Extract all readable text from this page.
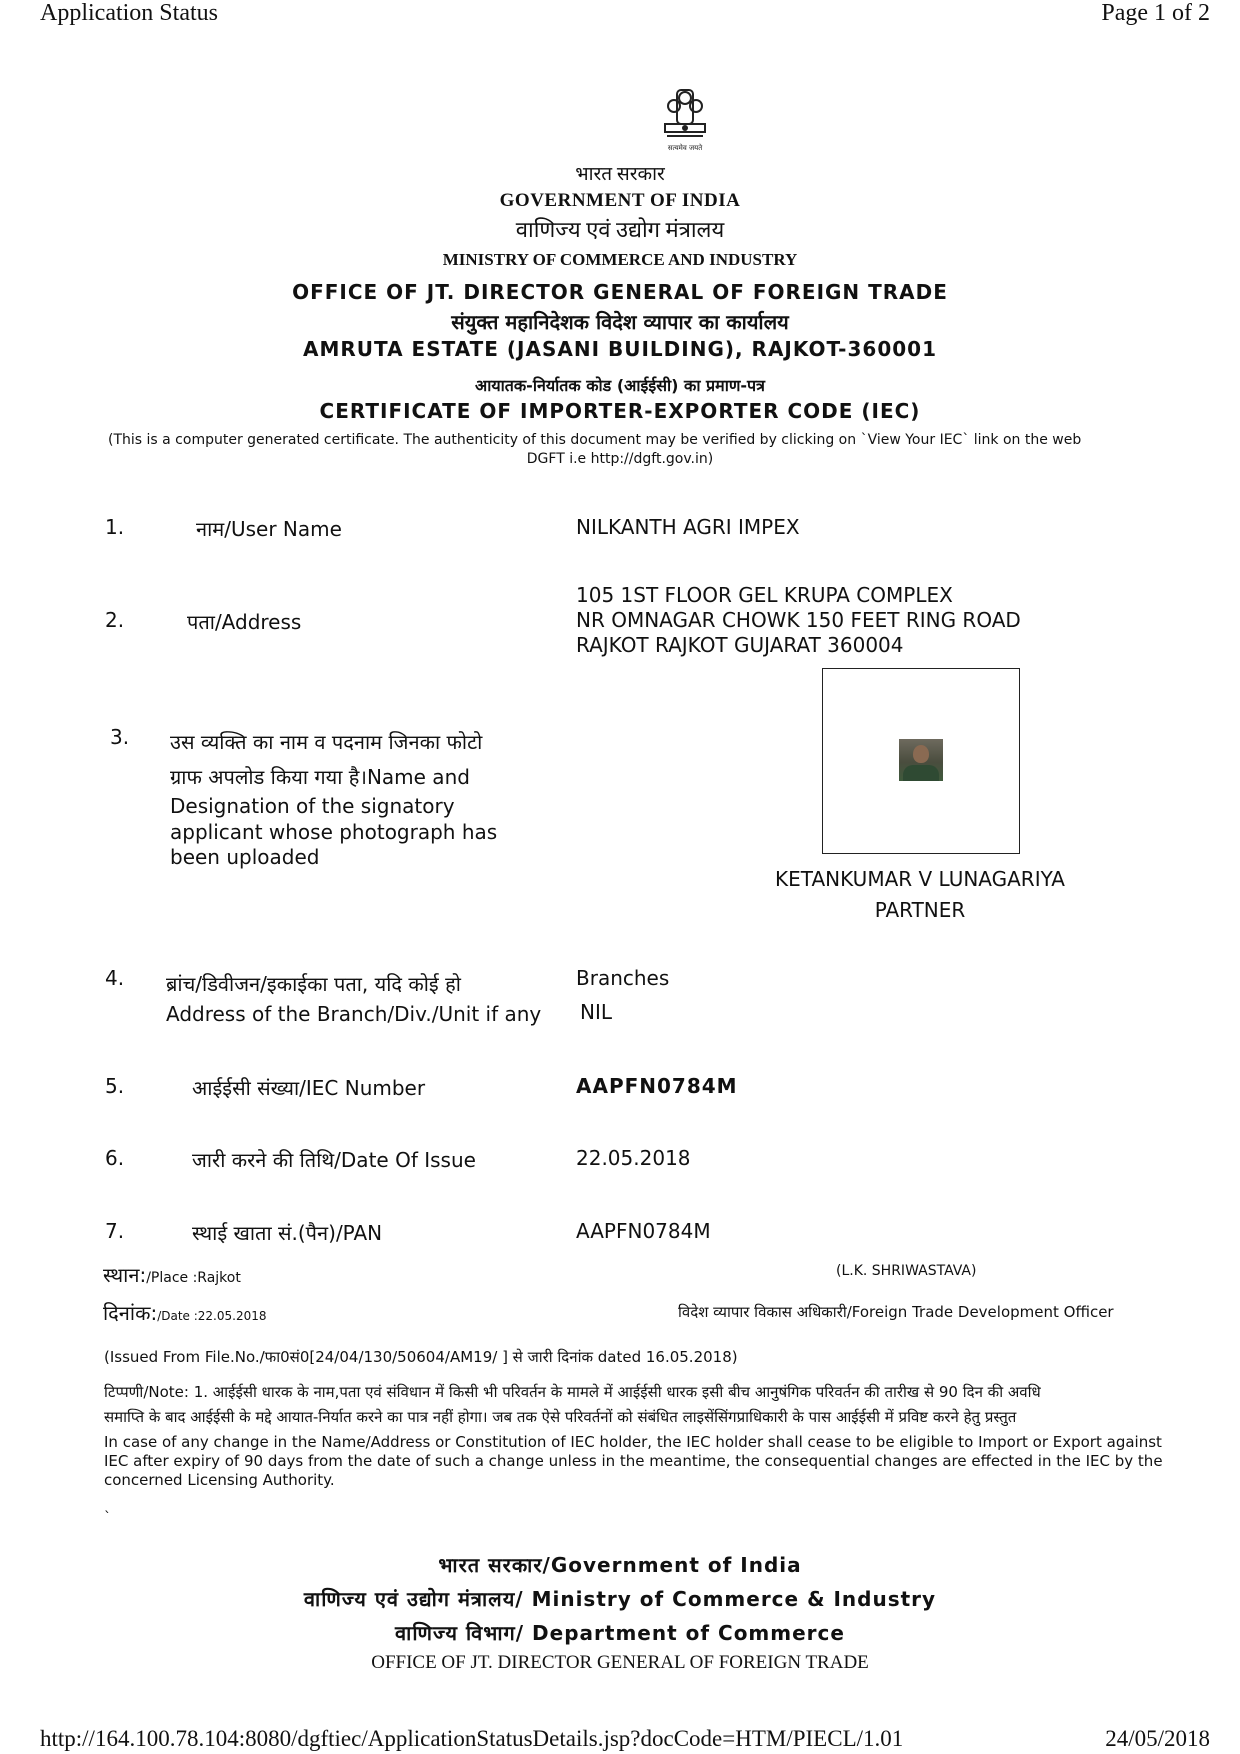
Application Status	Page 1 of 2
सत्यमेव जयते
भारत सरकार
GOVERNMENT OF INDIA
वाणिज्य एवं उद्योग मंत्रालय
MINISTRY OF COMMERCE AND INDUSTRY
OFFICE OF JT. DIRECTOR GENERAL OF FOREIGN TRADE
संयुक्त महानिदेशक विदेश व्यापार का कार्यालय
AMRUTA ESTATE (JASANI BUILDING), RAJKOT-360001
आयातक-निर्यातक कोड (आईईसी) का प्रमाण-पत्र
CERTIFICATE OF IMPORTER-EXPORTER CODE (IEC)
(This is a computer generated certificate. The authenticity of this document may be verified by clicking on `View Your IEC` link on the web
DGFT i.e http://dgft.gov.in)
1.	नाम/User Name	NILKANTH AGRI IMPEX
2.	पता/Address
105 1ST FLOOR GEL KRUPA COMPLEX
NR OMNAGAR CHOWK 150 FEET RING ROAD
RAJKOT RAJKOT GUJARAT 360004
3. उस व्यक्ति का नाम व पदनाम जिनका फोटो
ग्राफ अपलोड किया गया है।Name and
Designation of the signatory
applicant whose photograph has
been uploaded
KETANKUMAR V LUNAGARIYA
PARTNER
4. ब्रांच/डिवीजन/इकाईका पता, यदि कोई हो
Address of the Branch/Div./Unit if any
Branches
NIL
5.	आईईसी संख्या/IEC Number	AAPFN0784M
6.	जारी करने की तिथि/Date Of Issue	22.05.2018
7.	स्थाई खाता सं.(पैन)/PAN	AAPFN0784M
स्थान:/Place :Rajkot	(L.K. SHRIWASTAVA)
दिनांक:/Date :22.05.2018	विदेश व्यापार विकास अधिकारी/Foreign Trade Development Officer
(Issued From File.No./फा0सं0[24/04/130/50604/AM19/ ] से जारी दिनांक dated 16.05.2018)
टिप्पणी/Note: 1. आईईसी धारक के नाम,पता एवं संविधान में किसी भी परिवर्तन के मामले में आईईसी धारक इसी बीच आनुषंगिक परिवर्तन की तारीख से 90 दिन की अवधि
समाप्ति के बाद आईईसी के मद्दे आयात-निर्यात करने का पात्र नहीं होगा। जब तक ऐसे परिवर्तनों को संबंधित लाइसेंसिंगप्राधिकारी के पास आईईसी में प्रविष्ट करने हेतु प्रस्तुत
In case of any change in the Name/Address or Constitution of IEC holder, the IEC holder shall cease to be eligible to Import or Export against
IEC after expiry of 90 days from the date of such a change unless in the meantime, the consequential changes are effected in the IEC by the
concerned Licensing Authority.
`
भारत सरकार/Government of India
वाणिज्य एवं उद्योग मंत्रालय/ Ministry of Commerce & Industry
वाणिज्य विभाग/ Department of Commerce
OFFICE OF JT. DIRECTOR GENERAL OF FOREIGN TRADE
http://164.100.78.104:8080/dgftiec/ApplicationStatusDetails.jsp?docCode=HTM/PIECL/1.01	24/05/2018
